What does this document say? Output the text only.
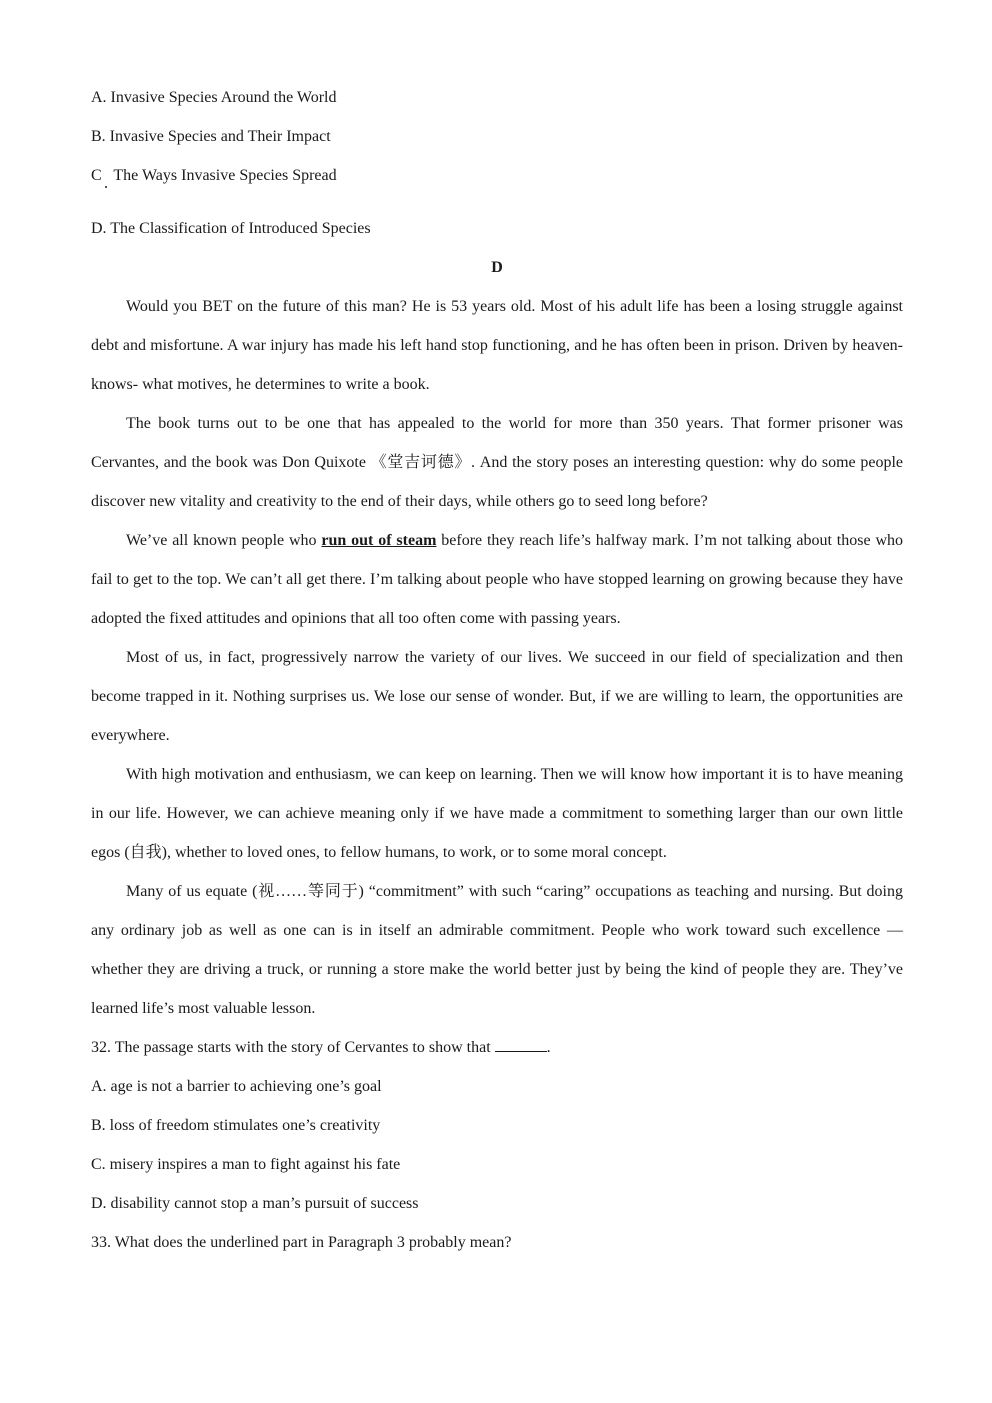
A. Invasive Species Around the World
B. Invasive Species and Their Impact
C   The Ways Invasive Species Spread
D. The Classification of Introduced Species

D

Would you BET on the future of this man? He is 53 years old. Most of his adult life has been a losing struggle against debt and misfortune. A war injury has made his left hand stop functioning, and he has often been in prison. Driven by heaven- knows- what motives, he determines to write a book.

The book turns out to be one that has appealed to the world for more than 350 years. That former prisoner was Cervantes, and the book was Don Quixote 《堂吉诃德》. And the story poses an interesting question: why do some people discover new vitality and creativity to the end of their days, while others go to seed long before?

We’ve all known people who run out of steam before they reach life’s halfway mark. I’m not talking about those who fail to get to the top. We can’t all get there. I’m talking about people who have stopped learning on growing because they have adopted the fixed attitudes and opinions that all too often come with passing years.

Most of us, in fact, progressively narrow the variety of our lives. We succeed in our field of specialization and then become trapped in it. Nothing surprises us. We lose our sense of wonder. But, if we are willing to learn, the opportunities are everywhere.

With high motivation and enthusiasm, we can keep on learning. Then we will know how important it is to have meaning in our life. However, we can achieve meaning only if we have made a commitment to something larger than our own little egos (自我), whether to loved ones, to fellow humans, to work, or to some moral concept.

Many of us equate (视……等同于) “commitment” with such “caring” occupations as teaching and nursing. But doing any ordinary job as well as one can is in itself an admirable commitment. People who work toward such excellence — whether they are driving a truck, or running a store make the world better just by being the kind of people they are. They’ve learned life’s most valuable lesson.

32. The passage starts with the story of Cervantes to show that	.
A. age is not a barrier to achieving one’s goal
B. loss of freedom stimulates one’s creativity
C. misery inspires a man to fight against his fate
D. disability cannot stop a man’s pursuit of success
33. What does the underlined part in Paragraph 3 probably mean?
